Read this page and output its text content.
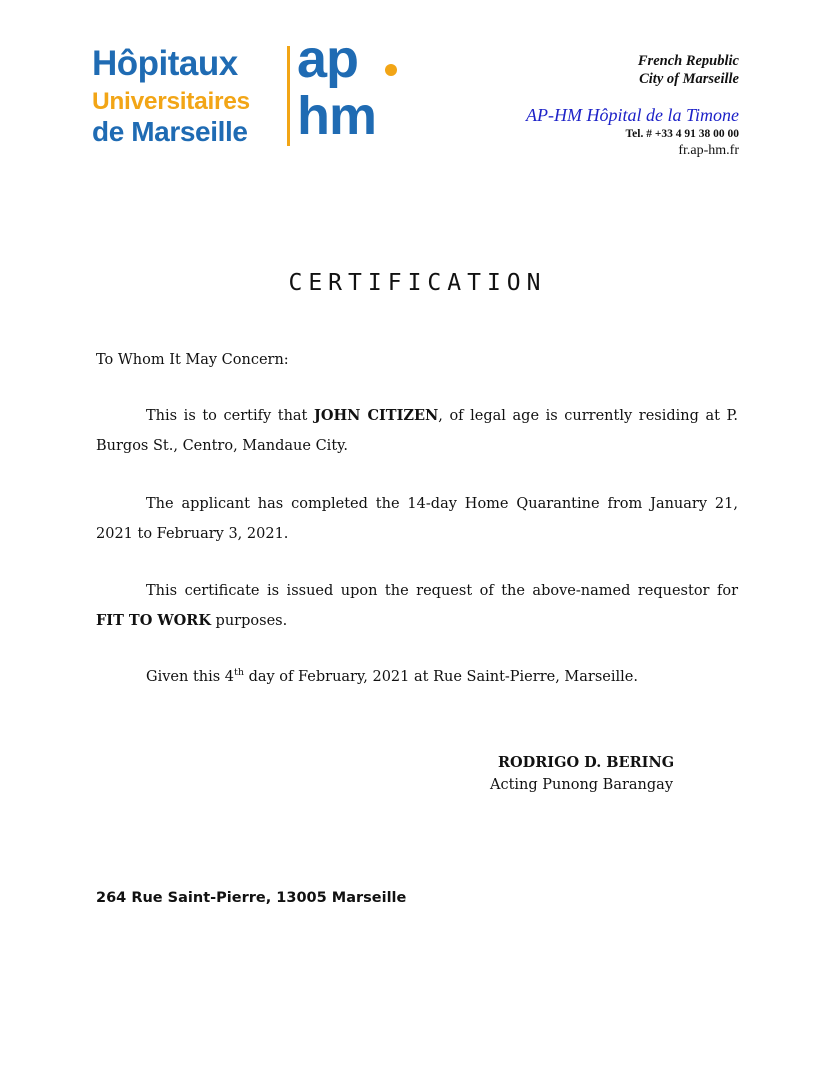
Hôpitaux
Universitaires
de Marseille
ap
hm
French Republic
City of Marseille
AP-HM Hôpital de la Timone
Tel. # +33 4 91 38 00 00
fr.ap-hm.fr
CERTIFICATION
To Whom It May Concern:
This is to certify that JOHN CITIZEN, of legal age is currently residing at P. Burgos St., Centro, Mandaue City.
The applicant has completed the 14-day Home Quarantine from January 21, 2021 to February 3, 2021.
This certificate is issued upon the request of the above-named requestor for FIT TO WORK purposes.
Given this 4th day of February, 2021 at Rue Saint-Pierre, Marseille.
RODRIGO D. BERING
Acting Punong Barangay
264 Rue Saint-Pierre, 13005 Marseille
